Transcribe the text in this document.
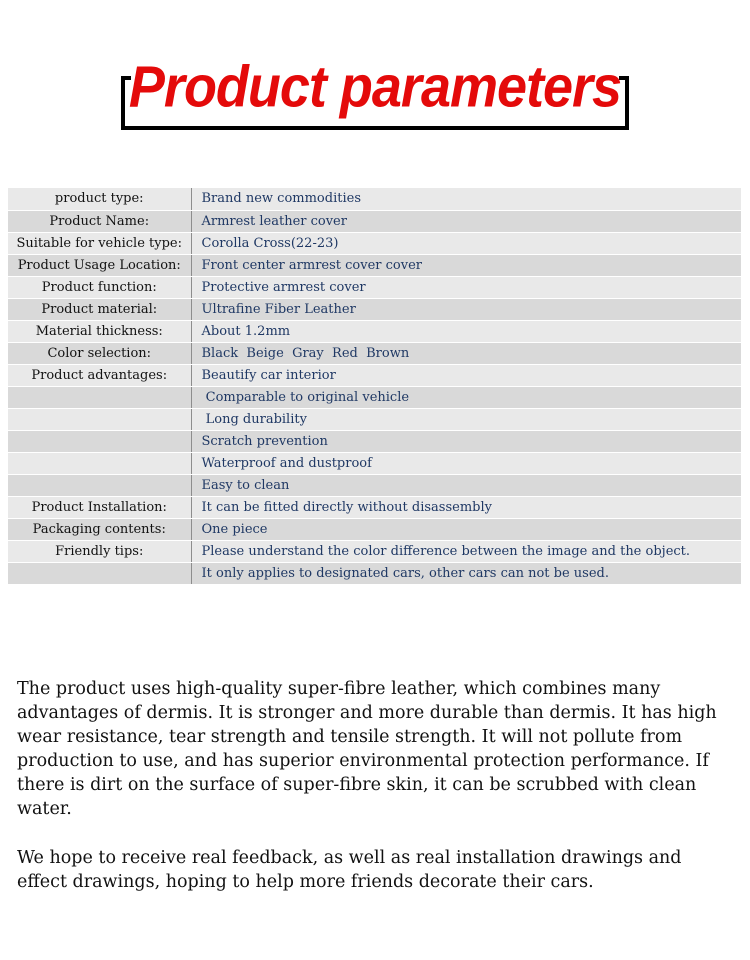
Product parameters
product type:	Brand new commodities
Product Name:	Armrest leather cover
Suitable for vehicle type:	Corolla Cross(22-23)
Product Usage Location:	Front center armrest cover cover
Product function:	Protective armrest cover
Product material:	Ultrafine Fiber Leather
Material thickness:	About 1.2mm
Color selection:	Black  Beige  Gray  Red  Brown
Product advantages:	Beautify car interior
	Comparable to original vehicle
	Long durability
	Scratch prevention
	Waterproof and dustproof
	Easy to clean
Product Installation:	It can be fitted directly without disassembly
Packaging contents:	One piece
Friendly tips:	Please understand the color difference between the image and the object.
	It only applies to designated cars, other cars can not be used.
The product uses high-quality super-fibre leather, which combines many advantages of dermis. It is stronger and more durable than dermis. It has high wear resistance, tear strength and tensile strength. It will not pollute from production to use, and has superior environmental protection performance. If there is dirt on the surface of super-fibre skin, it can be scrubbed with clean water.
We hope to receive real feedback, as well as real installation drawings and effect drawings, hoping to help more friends decorate their cars.
